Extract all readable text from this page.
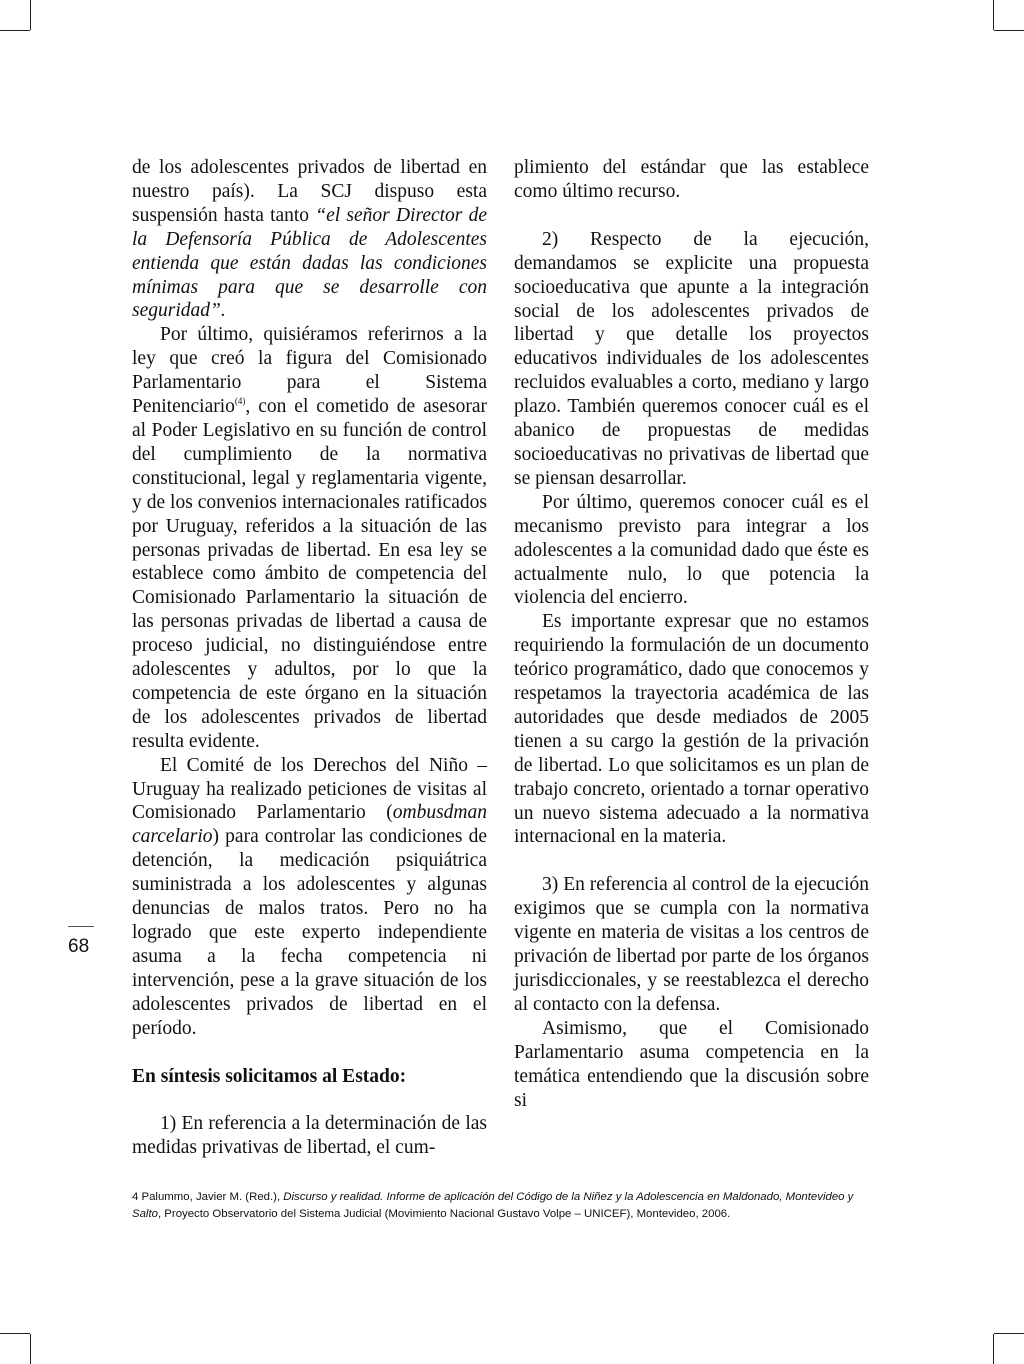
68

de los adolescentes privados de libertad en nuestro país). La SCJ dispuso esta suspensión hasta tanto “el señor Director de la Defensoría Pública de Adolescentes entienda que están dadas las condiciones mínimas para que se desarrolle con seguridad”.

Por último, quisiéramos referirnos a la ley que creó la figura del Comisionado Parlamentario para el Sistema Penitenciario$^{(4)}$, con el cometido de asesorar al Poder Legislativo en su función de control del cumplimiento de la normativa constitucional, legal y reglamentaria vigente, y de los convenios internacionales ratificados por Uruguay, referidos a la situación de las personas privadas de libertad. En esa ley se establece como ámbito de competencia del Comisionado Parlamentario la situación de las personas privadas de libertad a causa de proceso judicial, no distinguiéndose entre adolescentes y adultos, por lo que la competencia de este órgano en la situación de los adolescentes privados de libertad resulta evidente.

El Comité de los Derechos del Niño – Uruguay ha realizado peticiones de visitas al Comisionado Parlamentario (ombusdman carcelario) para controlar las condiciones de detención, la medicación psiquiátrica suministrada a los adolescentes y algunas denuncias de malos tratos. Pero no ha logrado que este experto independiente asuma a la fecha competencia ni intervención, pese a la grave situación de los adolescentes privados de libertad en el período.

En síntesis solicitamos al Estado:

1) En referencia a la determinación de las medidas privativas de libertad, el cum-

plimiento del estándar que las establece como último recurso.

2) Respecto de la ejecución, demandamos se explicite una propuesta socioeducativa que apunte a la integración social de los adolescentes privados de libertad y que detalle los proyectos educativos individuales de los adolescentes recluidos evaluables a corto, mediano y largo plazo. También queremos conocer cuál es el abanico de propuestas de medidas socioeducativas no privativas de libertad que se piensan desarrollar.

Por último, queremos conocer cuál es el mecanismo previsto para integrar a los adolescentes a la comunidad dado que éste es actualmente nulo, lo que potencia la violencia del encierro.

Es importante expresar que no estamos requiriendo la formulación de un documento teórico programático, dado que conocemos y respetamos la trayectoria académica de las autoridades que desde mediados de 2005 tienen a su cargo la gestión de la privación de libertad. Lo que solicitamos es un plan de trabajo concreto, orientado a tornar operativo un nuevo sistema adecuado a la normativa internacional en la materia.

3) En referencia al control de la ejecución exigimos que se cumpla con la normativa vigente en materia de visitas a los centros de privación de libertad por parte de los órganos jurisdiccionales, y se reestablezca el derecho al contacto con la defensa.

Asimismo, que el Comisionado Parlamentario asuma competencia en la temática entendiendo que la discusión sobre si

4 Palummo, Javier M. (Red.), Discurso y realidad. Informe de aplicación del Código de la Niñez y la Adolescencia en Maldonado, Montevideo y Salto, Proyecto Observatorio del Sistema Judicial (Movimiento Nacional Gustavo Volpe – UNICEF), Montevideo, 2006.
